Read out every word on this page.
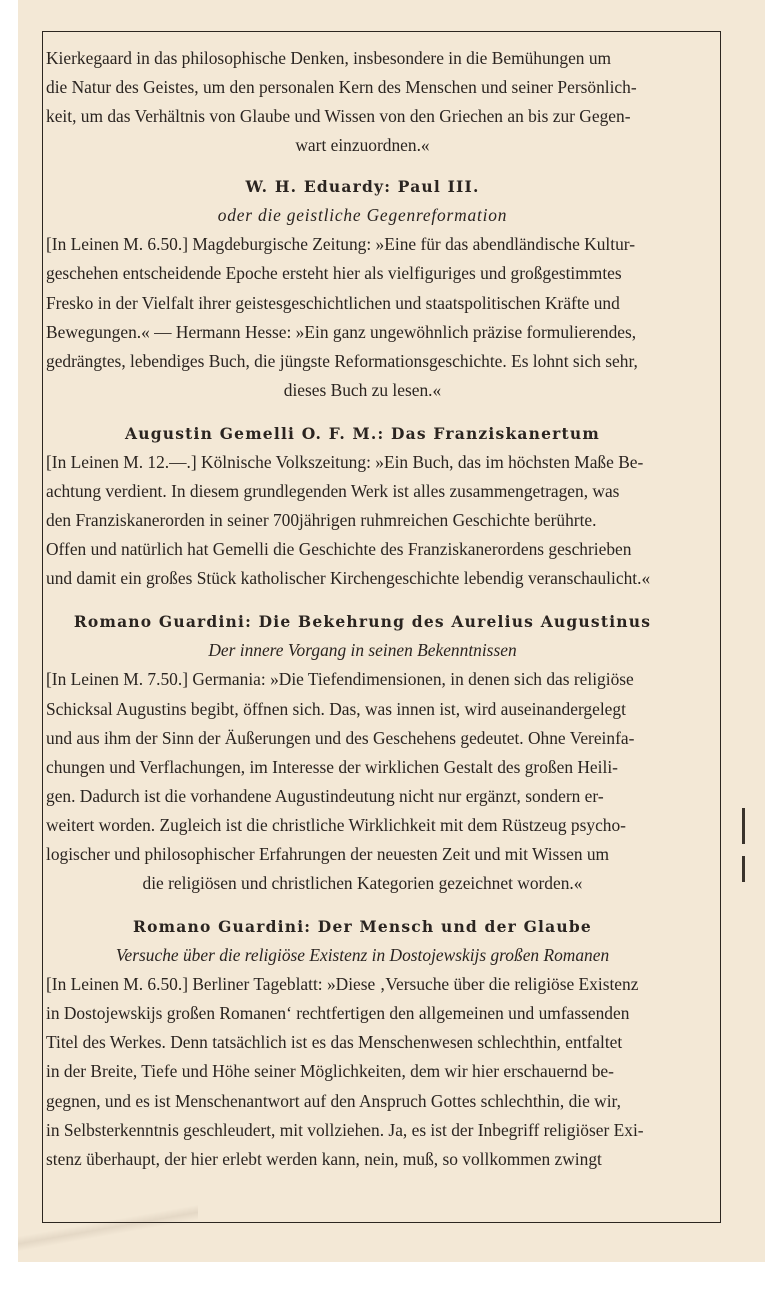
Kierkegaard in das philosophische Denken, insbesondere in die Bemühungen um

die Natur des Geistes, um den personalen Kern des Menschen und seiner Persönlich-

keit, um das Verhältnis von Glaube und Wissen von den Griechen an bis zur Gegen-

wart einzuordnen.«

W. H. Eduardy: Paul III.
oder die geistliche Gegenreformation

[In Leinen M. 6.50.] Magdeburgische Zeitung: »Eine für das abendländische Kultur-

geschehen entscheidende Epoche ersteht hier als vielfiguriges und großgestimmtes

Fresko in der Vielfalt ihrer geistesgeschichtlichen und staatspolitischen Kräfte und

Bewegungen.« — Hermann Hesse: »Ein ganz ungewöhnlich präzise formulierendes,

gedrängtes, lebendiges Buch, die jüngste Reformationsgeschichte. Es lohnt sich sehr,

dieses Buch zu lesen.«

Augustin Gemelli O. F. M.: Das Franziskanertum

[In Leinen M. 12.—.] Kölnische Volkszeitung: »Ein Buch, das im höchsten Maße Be-

achtung verdient. In diesem grundlegenden Werk ist alles zusammengetragen, was

den Franziskanerorden in seiner 700jährigen ruhmreichen Geschichte berührte.

Offen und natürlich hat Gemelli die Geschichte des Franziskanerordens geschrieben

und damit ein großes Stück katholischer Kirchengeschichte lebendig veranschaulicht.«

Romano Guardini: Die Bekehrung des Aurelius Augustinus
Der innere Vorgang in seinen Bekenntnissen

[In Leinen M. 7.50.] Germania: »Die Tiefendimensionen, in denen sich das religiöse

Schicksal Augustins begibt, öffnen sich. Das, was innen ist, wird auseinandergelegt

und aus ihm der Sinn der Äußerungen und des Geschehens gedeutet. Ohne Vereinfa-

chungen und Verflachungen, im Interesse der wirklichen Gestalt des großen Heili-

gen. Dadurch ist die vorhandene Augustindeutung nicht nur ergänzt, sondern er-

weitert worden. Zugleich ist die christliche Wirklichkeit mit dem Rüstzeug psycho-

logischer und philosophischer Erfahrungen der neuesten Zeit und mit Wissen um

die religiösen und christlichen Kategorien gezeichnet worden.«

Romano Guardini: Der Mensch und der Glaube
Versuche über die religiöse Existenz in Dostojewskijs großen Romanen

[In Leinen M. 6.50.] Berliner Tageblatt: »Diese ‚Versuche über die religiöse Existenz

in Dostojewskijs großen Romanen‘ rechtfertigen den allgemeinen und umfassenden

Titel des Werkes. Denn tatsächlich ist es das Menschenwesen schlechthin, entfaltet

in der Breite, Tiefe und Höhe seiner Möglichkeiten, dem wir hier erschauernd be-

gegnen, und es ist Menschenantwort auf den Anspruch Gottes schlechthin, die wir,

in Selbsterkenntnis geschleudert, mit vollziehen. Ja, es ist der Inbegriff religiöser Exi-

stenz überhaupt, der hier erlebt werden kann, nein, muß, so vollkommen zwingt
